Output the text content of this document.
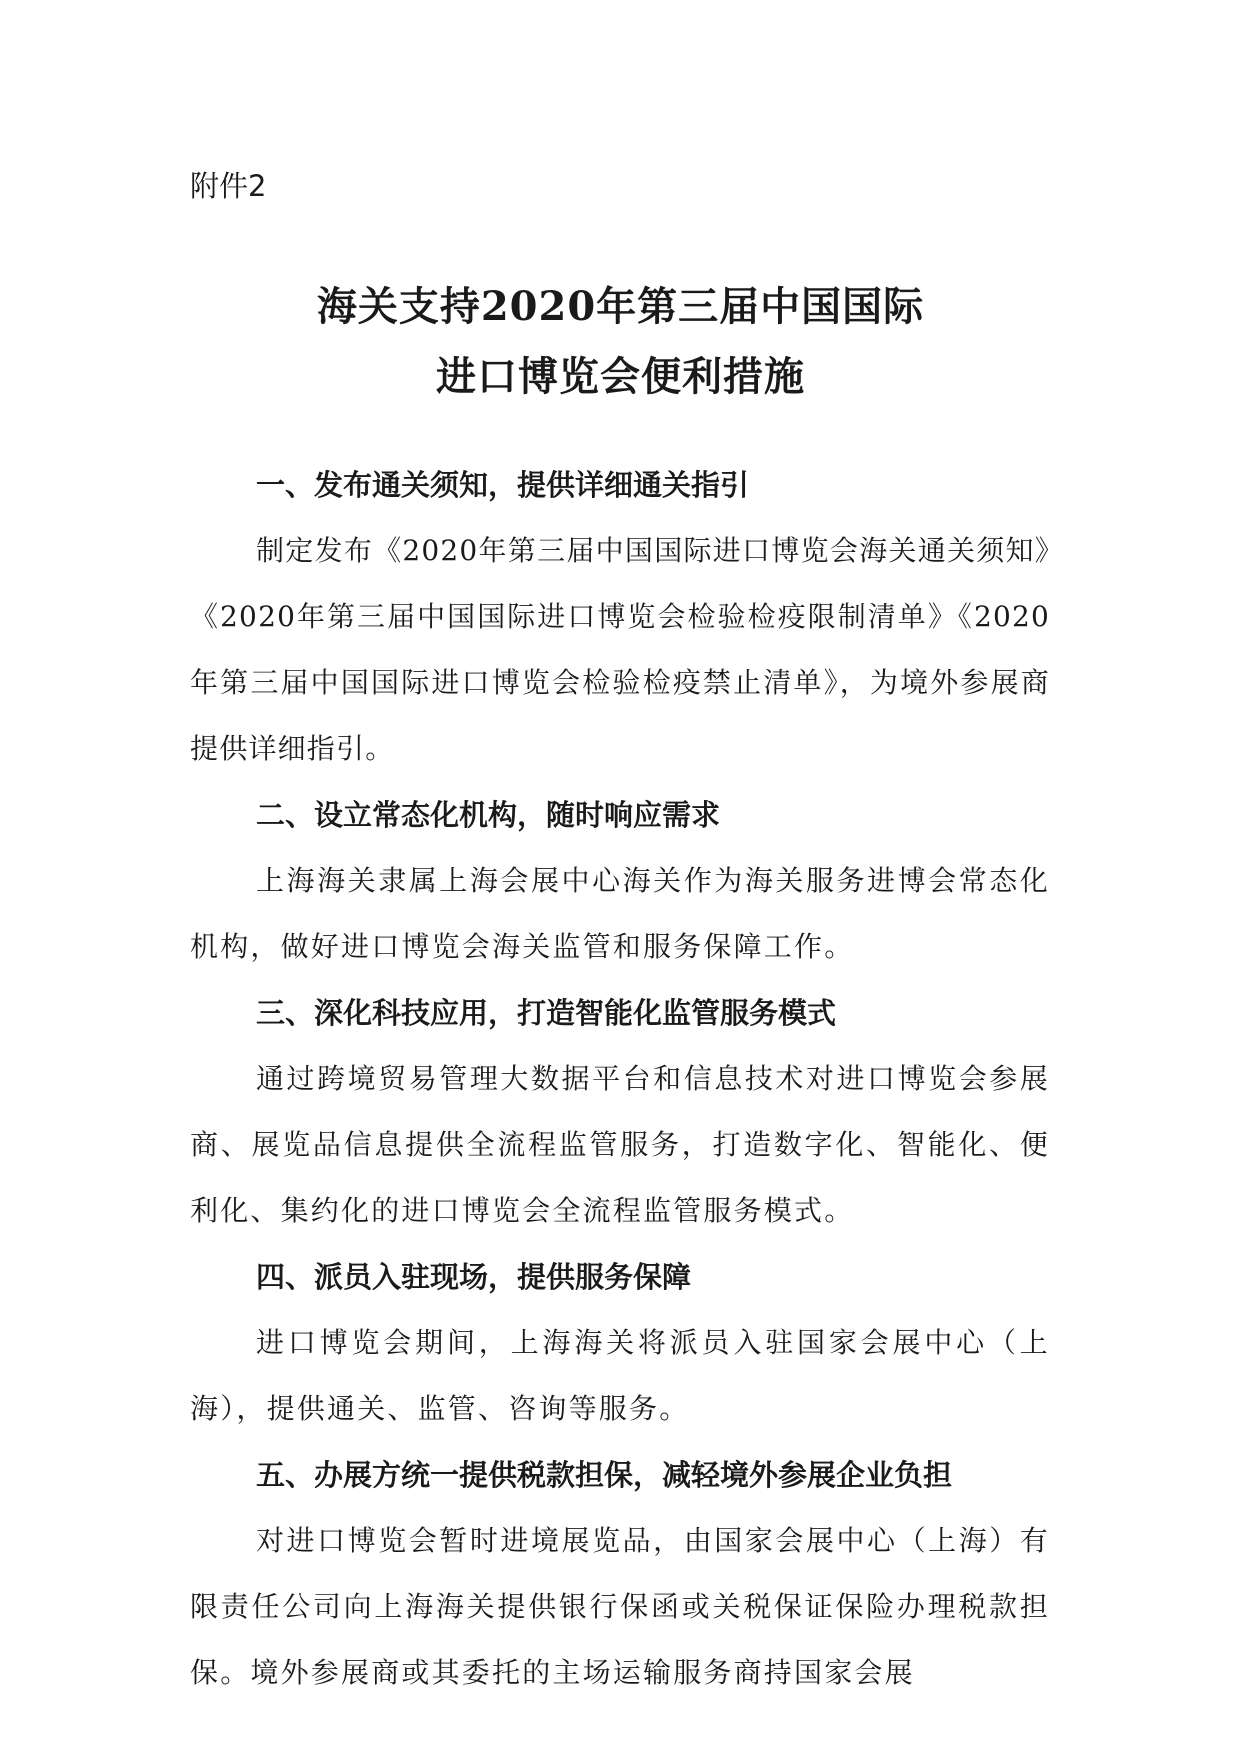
附件2

海关支持2020年第三届中国国际
进口博览会便利措施

一、发布通关须知，提供详细通关指引

制定发布《2020年第三届中国国际进口博览会海关通关须知》《2020年第三届中国国际进口博览会检验检疫限制清单》《2020年第三届中国国际进口博览会检验检疫禁止清单》，为境外参展商提供详细指引。

二、设立常态化机构，随时响应需求

上海海关隶属上海会展中心海关作为海关服务进博会常态化机构，做好进口博览会海关监管和服务保障工作。

三、深化科技应用，打造智能化监管服务模式

通过跨境贸易管理大数据平台和信息技术对进口博览会参展商、展览品信息提供全流程监管服务，打造数字化、智能化、便利化、集约化的进口博览会全流程监管服务模式。

四、派员入驻现场，提供服务保障

进口博览会期间，上海海关将派员入驻国家会展中心（上海），提供通关、监管、咨询等服务。

五、办展方统一提供税款担保，减轻境外参展企业负担

对进口博览会暂时进境展览品，由国家会展中心（上海）有限责任公司向上海海关提供银行保函或关税保证保险办理税款担保。境外参展商或其委托的主场运输服务商持国家会展
